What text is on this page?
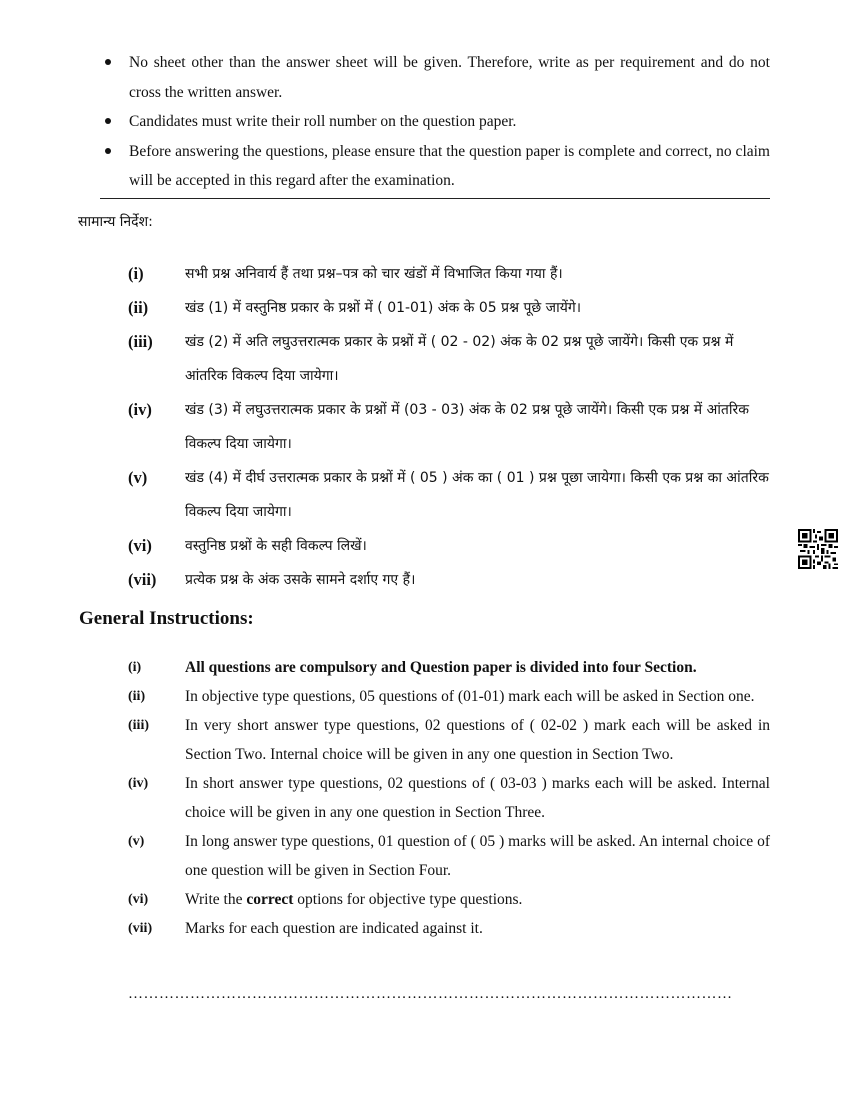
No sheet other than the answer sheet will be given. Therefore, write as per requirement and do not cross the written answer.
Candidates must write their roll number on the question paper.
Before answering the questions, please ensure that the question paper is complete and correct, no claim will be accepted in this regard after the examination.
सामान्य निर्देश:
(i)	सभी प्रश्न अनिवार्य हैं तथा प्रश्न–पत्र को चार खंडों में विभाजित किया गया हैं।
(ii)	खंड (1) में वस्तुनिष्ठ प्रकार के प्रश्नों में ( 01-01) अंक के 05 प्रश्न पूछे जायेंगे।
(iii) खंड (2) में अति लघुउत्तरात्मक प्रकार के प्रश्नों में ( 02 - 02) अंक के 02 प्रश्न पूछे जायेंगे। किसी एक प्रश्न में आंतरिक विकल्प दिया जायेगा।
(iv) खंड (3) में लघुउत्तरात्मक प्रकार के प्रश्नों में (03 - 03) अंक के 02 प्रश्न पूछे जायेंगे। किसी एक प्रश्न में आंतरिक विकल्प दिया जायेगा।
(v)	खंड (4) में दीर्घ उत्तरात्मक प्रकार के प्रश्नों में ( 05 ) अंक का ( 01 ) प्रश्न पूछा जायेगा। किसी एक प्रश्न का आंतरिक विकल्प दिया जायेगा।
(vi) वस्तुनिष्ठ प्रश्नों के सही विकल्प लिखें।
(vii) प्रत्येक प्रश्न के अंक उसके सामने दर्शाए गए हैं।
General Instructions:
(i)	All questions are compulsory and Question paper is divided into four Section.
(ii)	In objective type questions, 05 questions of (01-01) mark each will be asked in Section one.
(iii) In very short answer type questions, 02 questions of ( 02-02 ) mark each will be asked in Section Two. Internal choice will be given in any one question in Section Two.
(iv) In short answer type questions, 02 questions of ( 03-03 ) marks each will be asked. Internal choice will be given in any one question in Section Three.
(v)	In long answer type questions, 01 question of ( 05 ) marks will be asked. An internal choice of one question will be given in Section Four.
(vi) Write the correct options for objective type questions.
(vii) Marks for each question are indicated against it.
………………………………………………………………………………………………………
